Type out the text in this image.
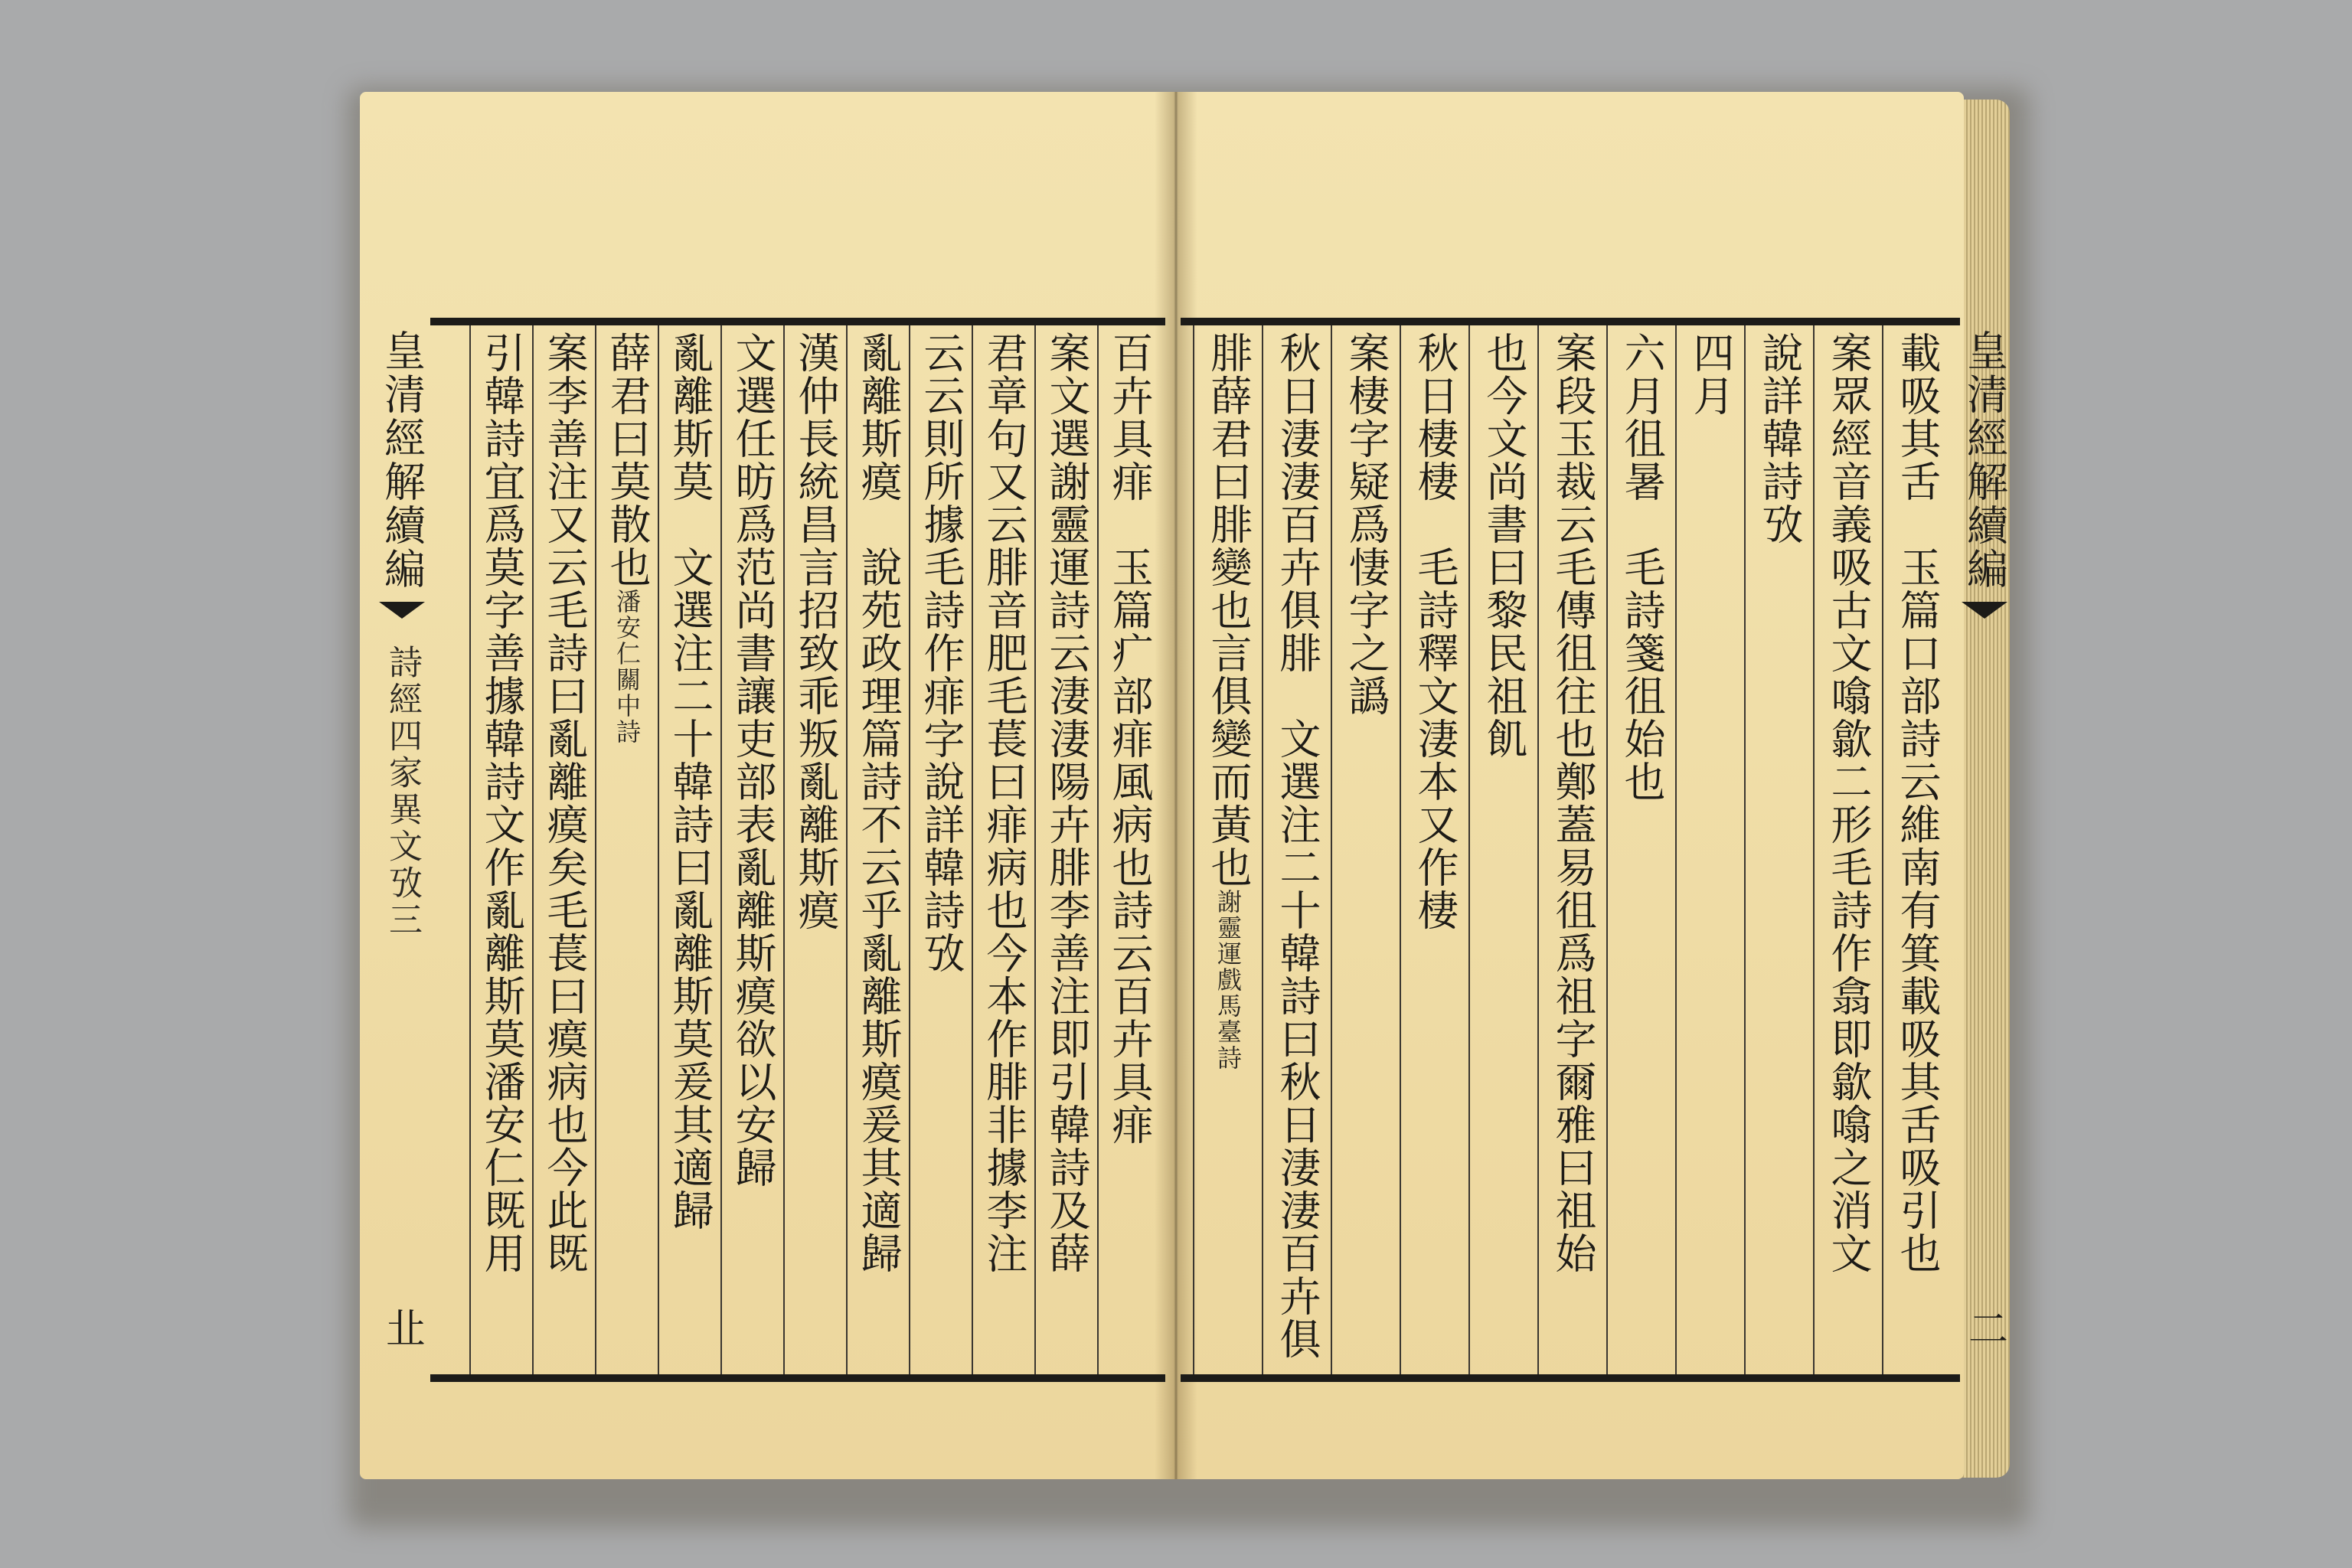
皇清經解續編
詩經四家異文攷三
㐀
皇清經解續編
二
百卉具痱　玉篇疒部痱風病也詩云百卉具痱
案文選謝靈運詩云淒淒陽卉腓李善注即引韓詩及薛
君章句又云腓音肥毛萇曰痱病也今本作腓非據李注
云云則所據毛詩作痱字說詳韓詩攷
亂離斯瘼　說苑政理篇詩不云乎亂離斯瘼爰其適歸
漢仲長統昌言招致乖叛亂離斯瘼
文選任昉爲范尚書讓吏部表亂離斯瘼欲以安歸
亂離斯莫　文選注二十韓詩曰亂離斯莫爰其適歸
薛君曰莫散也潘安仁關中詩
案李善注又云毛詩曰亂離瘼矣毛萇曰瘼病也今此既
引韓詩宜爲莫字善據韓詩文作亂離斯莫潘安仁既用	載吸其舌　玉篇口部詩云維南有箕載吸其舌吸引也
案眾經音義吸古文噏歙二形毛詩作翕即歙噏之消文
說詳韓詩攷
四月
六月徂暑　毛詩箋徂始也
案段玉裁云毛傳徂往也鄭蓋易徂爲祖字爾雅曰祖始
也今文尚書曰黎民祖飢
秋日棲棲　毛詩釋文淒本又作棲
案棲字疑爲悽字之譌
秋日淒淒百卉俱腓　文選注二十韓詩曰秋日淒淒百卉俱
腓薛君曰腓變也言俱變而黃也謝靈運戲馬臺詩
